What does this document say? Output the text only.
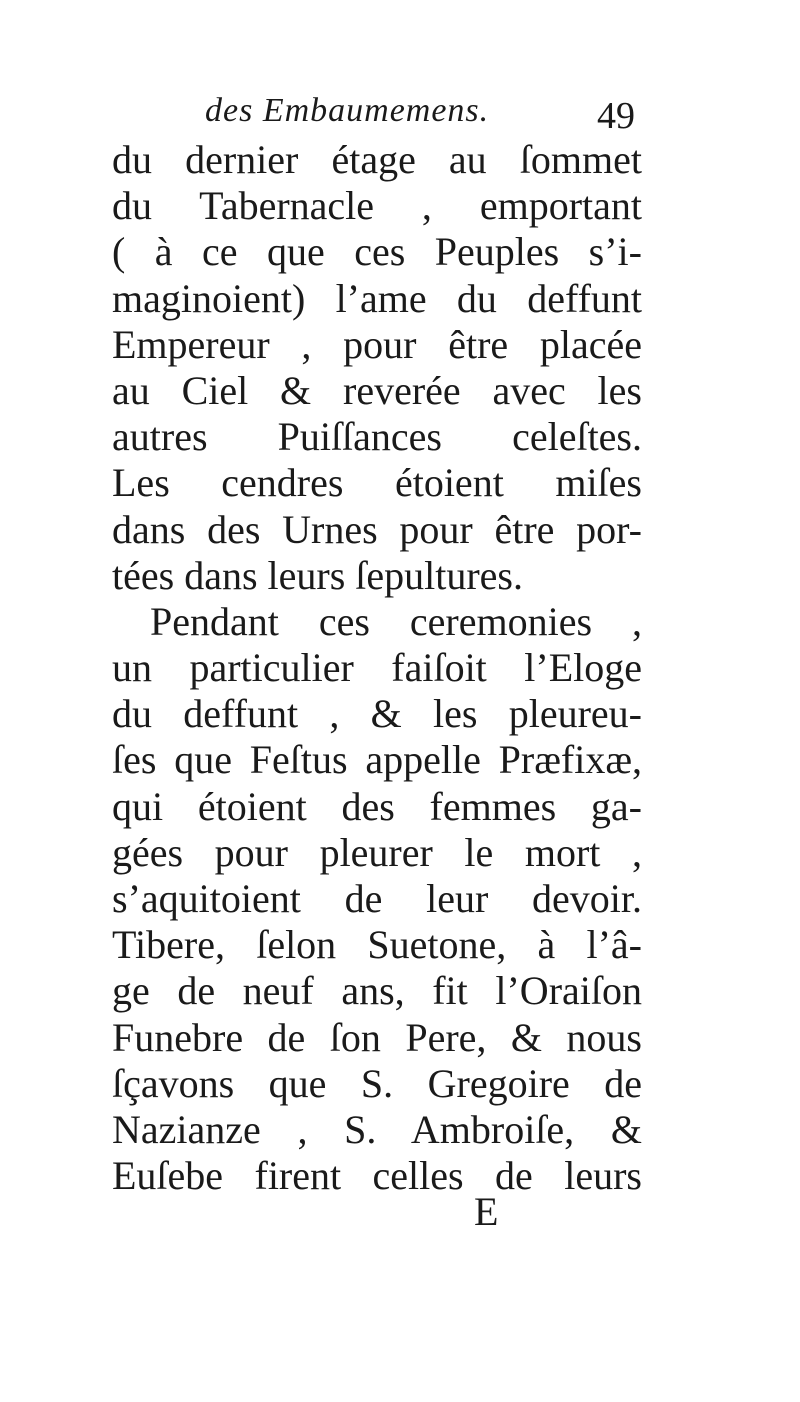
des Embaumemens.	49
du dernier étage au ſommet
du Tabernacle , emportant
( à ce que ces Peuples s’i-
maginoient) l’ame du deffunt
Empereur , pour être placée
au Ciel & reverée avec les
autres Puiſſances celeſtes.
Les cendres étoient miſes
dans des Urnes pour être por-
tées dans leurs ſepultures.
Pendant ces ceremonies ,
un particulier faiſoit l’Eloge
du deffunt , & les pleureu-
ſes que Feſtus appelle Præfixæ,
qui étoient des femmes ga-
gées pour pleurer le mort ,
s’aquitoient de leur devoir.
Tibere, ſelon Suetone, à l’â-
ge de neuf ans, fit l’Oraiſon
Funebre de ſon Pere, & nous
ſçavons que S. Gregoire de
Nazianze , S. Ambroiſe, &
Euſebe firent celles de leurs
E
